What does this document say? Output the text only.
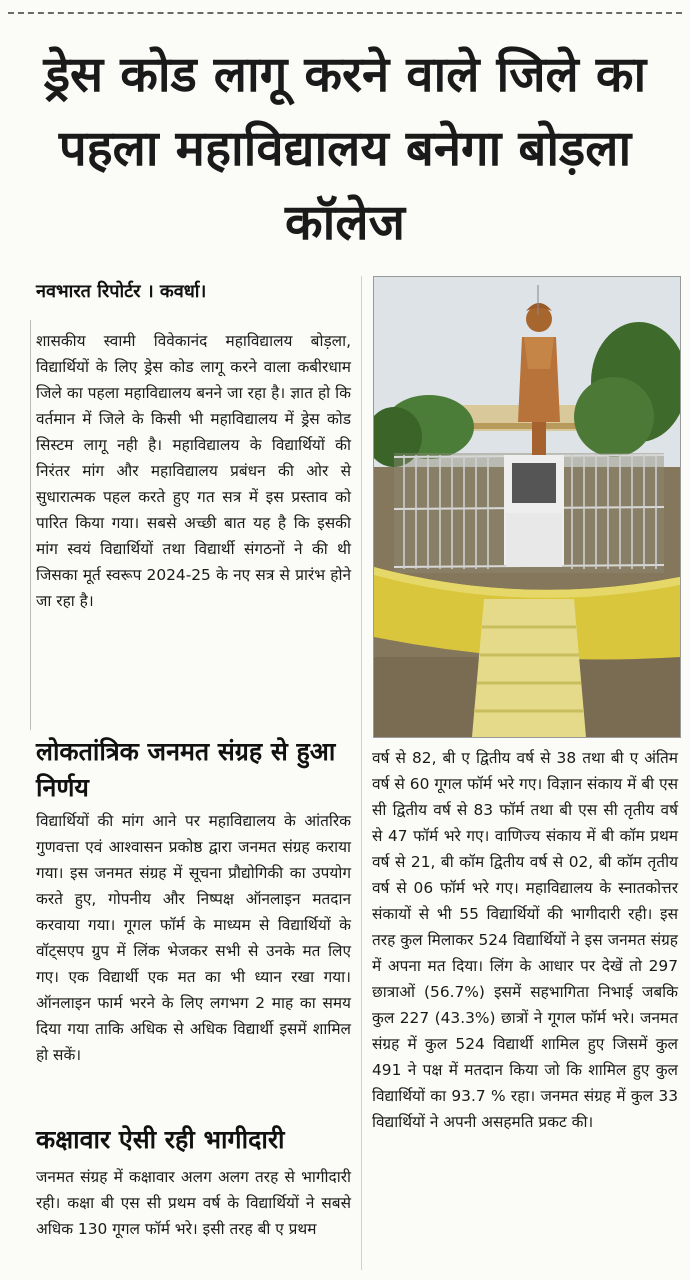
ड्रेस कोड लागू करने वाले जिले का पहला महाविद्यालय बनेगा बोड़ला कॉलेज
नवभारत रिपोर्टर । कवर्धा।
शासकीय स्वामी विवेकानंद महाविद्यालय बोड़ला, विद्यार्थियों के लिए ड्रेस कोड लागू करने वाला कबीरधाम जिले का पहला महाविद्यालय बनने जा रहा है। ज्ञात हो कि वर्तमान में जिले के किसी भी महाविद्यालय में ड्रेस कोड सिस्टम लागू नही है। महाविद्यालय के विद्यार्थियों की निरंतर मांग और महाविद्यालय प्रबंधन की ओर से सुधारात्मक पहल करते हुए गत सत्र में इस प्रस्ताव को पारित किया गया। सबसे अच्छी बात यह है कि इसकी मांग स्वयं विद्यार्थियों तथा विद्यार्थी संगठनों ने की थी जिसका मूर्त स्वरूप 2024-25 के नए सत्र से प्रारंभ होने जा रहा है।
लोकतांत्रिक जनमत संग्रह से हुआ निर्णय
विद्यार्थियों की मांग आने पर महाविद्यालय के आंतरिक गुणवत्ता एवं आश्वासन प्रकोष्ठ द्वारा जनमत संग्रह कराया गया। इस जनमत संग्रह में सूचना प्रौद्योगिकी का उपयोग करते हुए, गोपनीय और निष्पक्ष ऑनलाइन मतदान करवाया गया। गूगल फॉर्म के माध्यम से विद्यार्थियों के वॉट्सएप ग्रुप में लिंक भेजकर सभी से उनके मत लिए गए। एक विद्यार्थी एक मत का भी ध्यान रखा गया। ऑनलाइन फार्म भरने के लिए लगभग 2 माह का समय दिया गया ताकि अधिक से अधिक विद्यार्थी इसमें शामिल हो सकें।
कक्षावार ऐसी रही भागीदारी
जनमत संग्रह में कक्षावार अलग अलग तरह से भागीदारी रही। कक्षा बी एस सी प्रथम वर्ष के विद्यार्थियों ने सबसे अधिक 130 गूगल फॉर्म भरे। इसी तरह बी ए प्रथम
वर्ष से 82, बी ए द्वितीय वर्ष से 38 तथा बी ए अंतिम वर्ष से 60 गूगल फॉर्म भरे गए। विज्ञान संकाय में बी एस सी द्वितीय वर्ष से 83 फॉर्म तथा बी एस सी तृतीय वर्ष से 47 फॉर्म भरे गए। वाणिज्य संकाय में बी कॉम प्रथम वर्ष से 21, बी कॉम द्वितीय वर्ष से 02, बी कॉम तृतीय वर्ष से 06 फॉर्म भरे गए। महाविद्यालय के स्नातकोत्तर संकायों से भी 55 विद्यार्थियों की भागीदारी रही। इस तरह कुल मिलाकर 524 विद्यार्थियों ने इस जनमत संग्रह में अपना मत दिया। लिंग के आधार पर देखें तो 297 छात्राओं (56.7%) इसमें सहभागिता निभाई जबकि कुल 227 (43.3%) छात्रों ने गूगल फॉर्म भरे। जनमत संग्रह में कुल 524 विद्यार्थी शामिल हुए जिसमें कुल 491 ने पक्ष में मतदान किया जो कि शामिल हुए कुल विद्यार्थियों का 93.7 % रहा। जनमत संग्रह में कुल 33 विद्यार्थियों ने अपनी असहमति प्रकट की।
